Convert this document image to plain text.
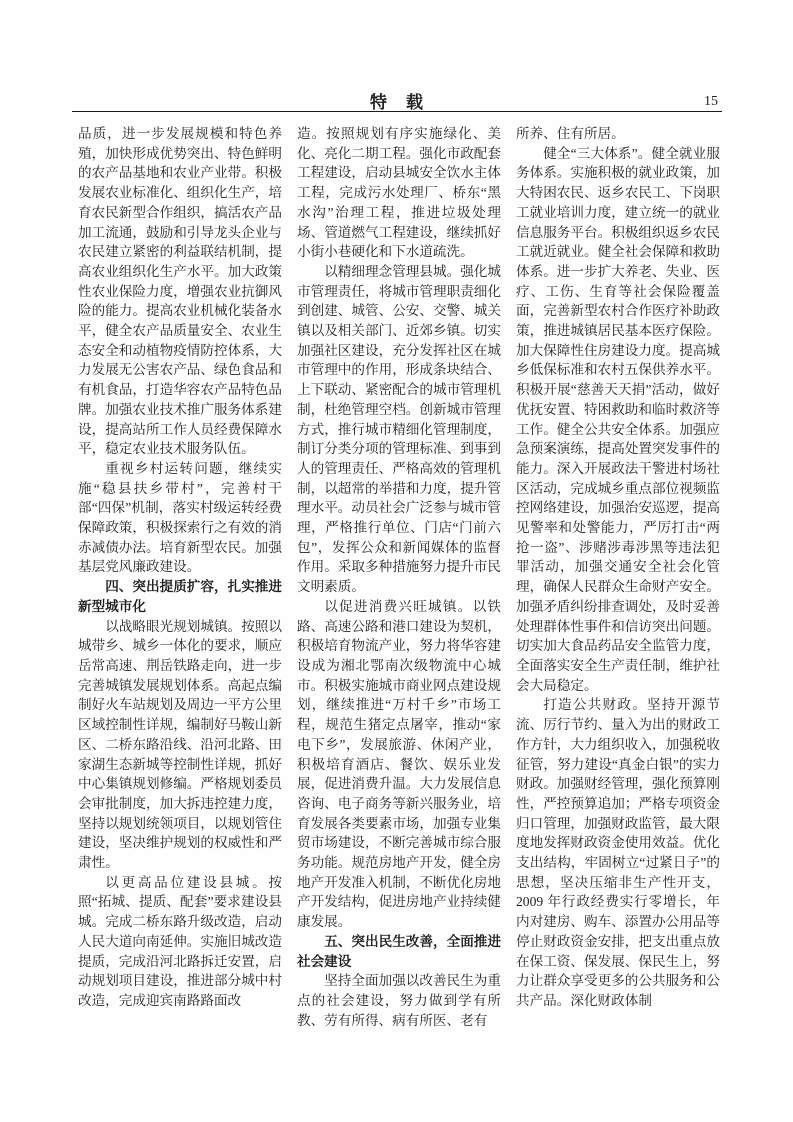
特　载	15

品质，进一步发展规模和特色养殖，加快形成优势突出、特色鲜明的农产品基地和农业产业带。积极发展农业标准化、组织化生产，培育农民新型合作组织，搞活农产品加工流通，鼓励和引导龙头企业与农民建立紧密的利益联结机制，提高农业组织化生产水平。加大政策性农业保险力度，增强农业抗御风险的能力。提高农业机械化装备水平，健全农产品质量安全、农业生态安全和动植物疫情防控体系，大力发展无公害农产品、绿色食品和有机食品，打造华容农产品特色品牌。加强农业技术推广服务体系建设，提高站所工作人员经费保障水平，稳定农业技术服务队伍。

重视乡村运转问题，继续实施“稳县扶乡带村”，完善村干部“四保”机制，落实村级运转经费保障政策，积极探索行之有效的消赤减债办法。培育新型农民。加强基层党风廉政建设。

四、突出提质扩容，扎实推进新型城市化

以战略眼光规划城镇。按照以城带乡、城乡一体化的要求，顺应岳常高速、荆岳铁路走向，进一步完善城镇发展规划体系。高起点编制好火车站规划及周边一平方公里区域控制性详规，编制好马鞍山新区、二桥东路沿线、沿河北路、田家湖生态新城等控制性详规，抓好中心集镇规划修编。严格规划委员会审批制度，加大拆违控建力度，坚持以规划统领项目，以规划管住建设，坚决维护规划的权威性和严肃性。

以更高品位建设县城。按照“拓城、提质、配套”要求建设县城。完成二桥东路升级改造，启动人民大道向南延伸。实施旧城改造提质，完成沿河北路拆迁安置，启动规划项目建设，推进部分城中村改造，完成迎宾南路路面改

造。按照规划有序实施绿化、美化、亮化二期工程。强化市政配套工程建设，启动县城安全饮水主体工程，完成污水处理厂、桥东“黑水沟”治理工程，推进垃圾处理场、管道燃气工程建设，继续抓好小街小巷硬化和下水道疏洗。

以精细理念管理县城。强化城市管理责任，将城市管理职责细化到创建、城管、公安、交警、城关镇以及相关部门、近郊乡镇。切实加强社区建设，充分发挥社区在城市管理中的作用，形成条块结合、上下联动、紧密配合的城市管理机制，杜绝管理空档。创新城市管理方式，推行城市精细化管理制度，制订分类分项的管理标准、到事到人的管理责任、严格高效的管理机制，以超常的举措和力度，提升管理水平。动员社会广泛参与城市管理，严格推行单位、门店“门前六包”，发挥公众和新闻媒体的监督作用。采取多种措施努力提升市民文明素质。

以促进消费兴旺城镇。以铁路、高速公路和港口建设为契机，积极培育物流产业，努力将华容建设成为湘北鄂南次级物流中心城市。积极实施城市商业网点建设规划，继续推进“万村千乡”市场工程，规范生猪定点屠宰，推动“家电下乡”，发展旅游、休闲产业，积极培育酒店、餐饮、娱乐业发展，促进消费升温。大力发展信息咨询、电子商务等新兴服务业，培育发展各类要素市场，加强专业集贸市场建设，不断完善城市综合服务功能。规范房地产开发，健全房地产开发准入机制，不断优化房地产开发结构，促进房地产业持续健康发展。

五、突出民生改善，全面推进社会建设

坚持全面加强以改善民生为重点的社会建设，努力做到学有所教、劳有所得、病有所医、老有

所养、住有所居。

健全“三大体系”。健全就业服务体系。实施积极的就业政策，加大特困农民、返乡农民工、下岗职工就业培训力度，建立统一的就业信息服务平台。积极组织返乡农民工就近就业。健全社会保障和救助体系。进一步扩大养老、失业、医疗、工伤、生育等社会保险覆盖面，完善新型农村合作医疗补助政策，推进城镇居民基本医疗保险。加大保障性住房建设力度。提高城乡低保标准和农村五保供养水平。积极开展“慈善天天捐”活动，做好优抚安置、特困救助和临时救济等工作。健全公共安全体系。加强应急预案演练，提高处置突发事件的能力。深入开展政法干警进村场社区活动，完成城乡重点部位视频监控网络建设，加强治安巡逻，提高见警率和处警能力，严厉打击“两抢一盗”、涉赌涉毒涉黑等违法犯罪活动，加强交通安全社会化管理，确保人民群众生命财产安全。加强矛盾纠纷排查调处，及时妥善处理群体性事件和信访突出问题。切实加大食品药品安全监管力度，全面落实安全生产责任制，维护社会大局稳定。

打造公共财政。坚持开源节流、厉行节约、量入为出的财政工作方针，大力组织收入，加强税收征管，努力建设“真金白银”的实力财政。加强财经管理，强化预算刚性，严控预算追加；严格专项资金归口管理，加强财政监管，最大限度地发挥财政资金使用效益。优化支出结构，牢固树立“过紧日子”的思想，坚决压缩非生产性开支，2009 年行政经费实行零增长，年内对建房、购车、添置办公用品等停止财政资金安排，把支出重点放在保工资、保发展、保民生上，努力让群众享受更多的公共服务和公共产品。深化财政体制
